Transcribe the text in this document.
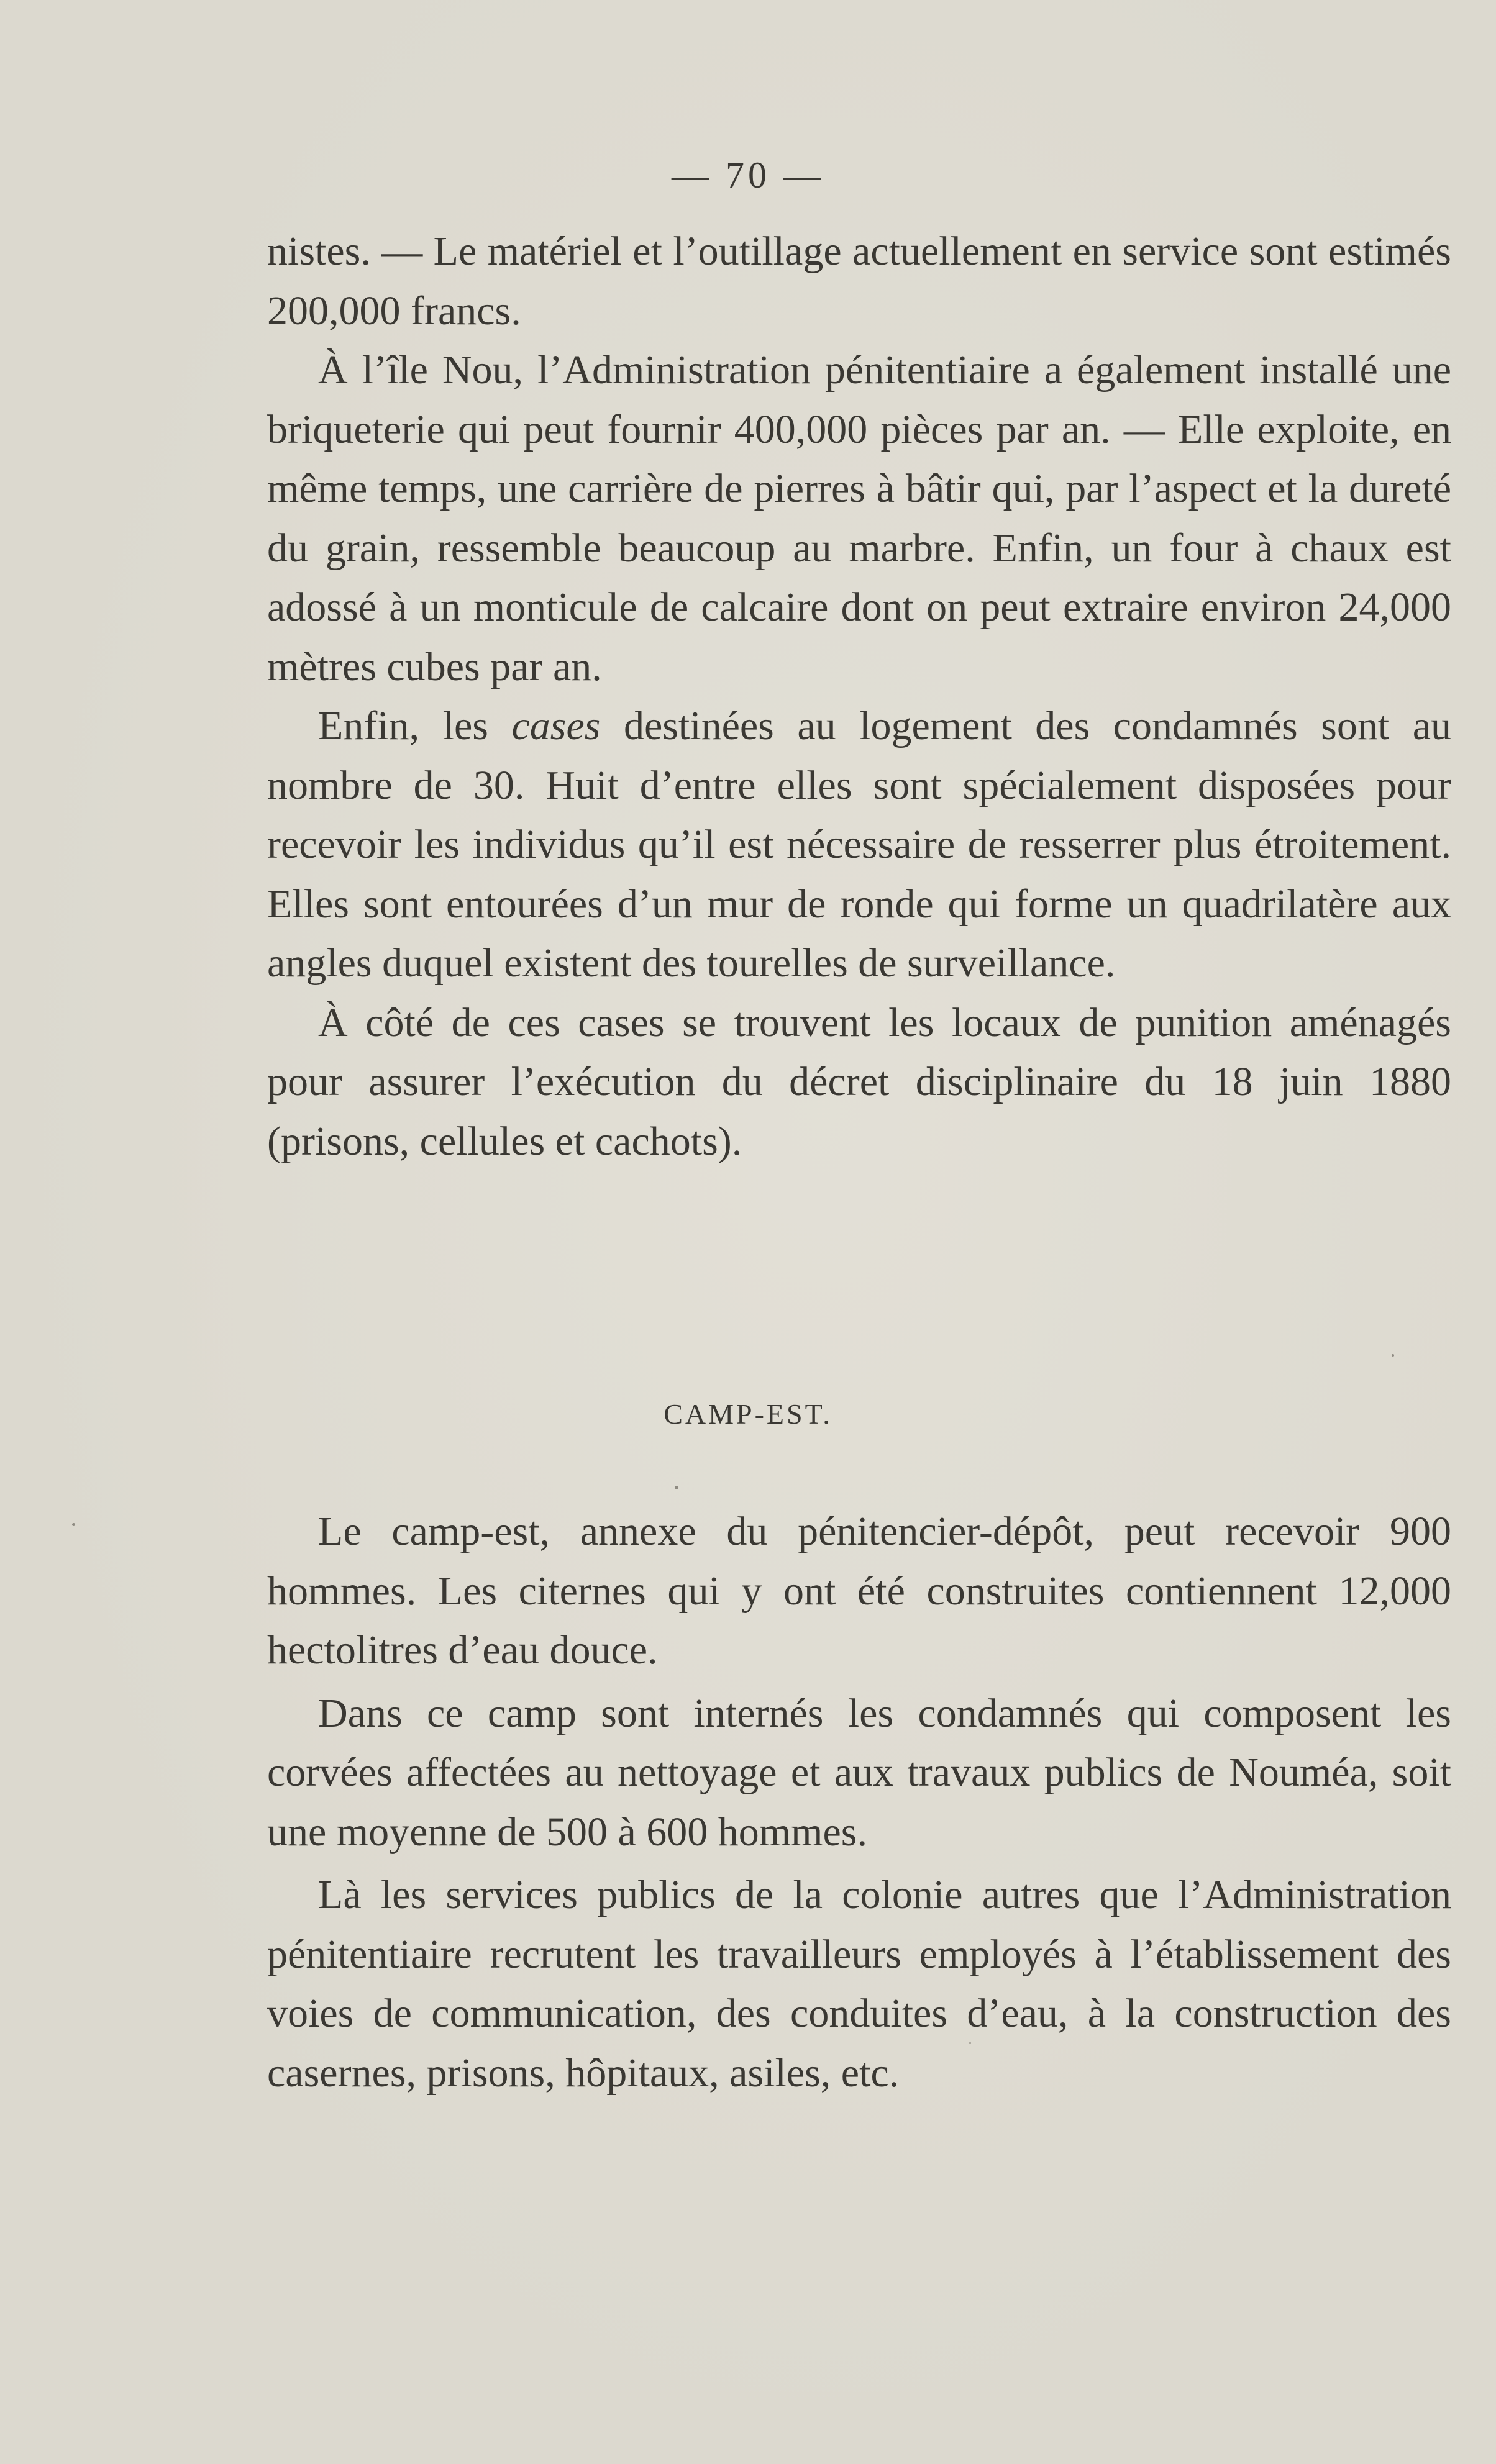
— 70 —

nistes. — Le matériel et l’outillage actuellement en service sont estimés 200,000 francs.

À l’île Nou, l’Administration pénitentiaire a également installé une briqueterie qui peut fournir 400,000 pièces par an. — Elle exploite, en même temps, une carrière de pierres à bâtir qui, par l’aspect et la dureté du grain, ressemble beaucoup au marbre. Enfin, un four à chaux est adossé à un monticule de calcaire dont on peut extraire environ 24,000 mètres cubes par an.

Enfin, les cases destinées au logement des condamnés sont au nombre de 30. Huit d’entre elles sont spécialement disposées pour recevoir les individus qu’il est nécessaire de resserrer plus étroitement. Elles sont entourées d’un mur de ronde qui forme un quadrilatère aux angles duquel existent des tourelles de surveillance.

À côté de ces cases se trouvent les locaux de punition aménagés pour assurer l’exécution du décret disciplinaire du 18 juin 1880 (prisons, cellules et cachots).

CAMP-EST.

Le camp-est, annexe du pénitencier-dépôt, peut recevoir 900 hommes. Les citernes qui y ont été construites contiennent 12,000 hectolitres d’eau douce.

Dans ce camp sont internés les condamnés qui composent les corvées affectées au nettoyage et aux travaux publics de Nouméa, soit une moyenne de 500 à 600 hommes.

Là les services publics de la colonie autres que l’Administration pénitentiaire recrutent les travailleurs employés à l’établissement des voies de communication, des conduites d’eau, à la construction des casernes, prisons, hôpitaux, asiles, etc.
